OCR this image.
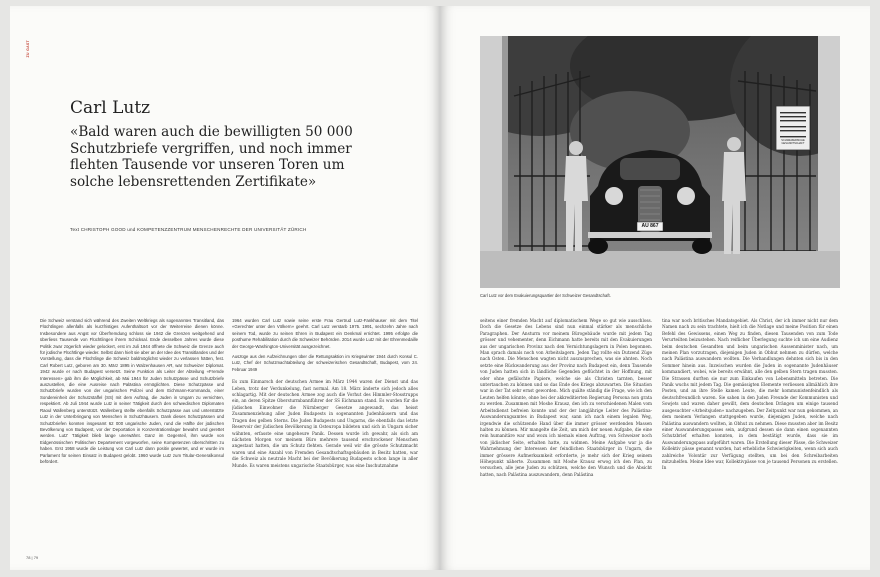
ZU GAST
Carl Lutz

«Bald waren auch die bewilligten 50 000 Schutzbriefe vergriffen, und noch immer flehten Tausende vor unseren Toren um solche lebensrettenden Zertifikate»

Text CHRISTOPH GOOD und KOMPETENZZENTRUM MENSCHENRECHTE DER UNIVERSITÄT ZÜRICH

Die Schweiz verstand sich während des Zweiten Weltkriegs als sogenanntes Transitland, das Flüchtlingen allenfalls als kurzfristiges Aufenthaltsort vor der Weiterreise dienen könne. Insbesondere aus Angst vor Überfremdung schloss sie 1942 die Grenzen weitgehend und überliess Tausende von Flüchtlingen ihrem Schicksal. Ende desselben Jahres wurde diese Politik zwar zögerlich wieder gelockert, erst im Juli 1944 öffnete die Schweiz die Grenze auch für jüdische Flüchtlinge wieder. Selbst dann hielt sie aber an der Idee des Transitlandes und der Vorstellung, dass die Flüchtlinge die Schweiz baldmöglichst wieder zu verlassen hätten, fest. Carl Robert Lutz, geboren am 30. März 1895 in Walzenhausen AR, war Schweizer Diplomat. 1942 wurde er nach Budapest versetzt. Seine Funktion als Leiter der Abteilung «Fremde Interessen» gab ihm die Möglichkeit, ab Mai 1944 für Juden Schutzpässe und Schutzbriefe auszustellen, die eine Ausreise nach Palästina ermöglichten. Diese Schutzpässe und Schutzbriefe wurden von der ungarischen Polizei und dem Eichmann-Kommando, einer Sondereinheit der Schutzstaffel (SS) mit dem Auftrag, die Juden in Ungarn zu vernichten, respektiert. Ab Juli 1944 wurde Lutz in seiner Tätigkeit durch den schwedischen Diplomaten Raoul Wallenberg unterstützt. Wallenberg stellte ebenfalls Schutzpässe aus und unterstützte Lutz in der Unterbringung von Menschen in Schutzhäusern. Dank dieses Schutzpässen und Schutzbriefen konnten insgesamt 62 000 ungarische Juden, rund die Hälfte der jüdischen Bevölkerung von Budapest, vor der Deportation in Konzentrationslager bewahrt und gerettet werden. Lutz' Tätigkeit blieb lange unerwähnt. Ganz im Gegenteil, ihm wurde von Eidgenössischen Politischen Departement vorgeworfen, seine Kompetenzen überschritten zu haben. Erst 1958 wurde die Leistung von Carl Lutz dann positiv gewertet, und er wurde im Parlament für seinen Einsatz in Budapest gelobt. 1960 wurde Lutz zum Titular-Generalkonsul befördert.

1964 wurden Carl Lutz sowie seine erste Frau Gertrud Lutz-Fankhauser mit dem Titel «Gerechter unter den Völkern» geehrt. Carl Lutz verstarb 1975. 1991, sechzehn Jahre nach seinem Tod, wurde zu seinen Ehren in Budapest ein Denkmal errichtet. 1995 erfolgte die posthume Rehabilitation durch die Schweizer Behörden. 2014 wurde Lutz mit der Ehrenmedaille der George-Washington-Universität ausgezeichnet.

Auszüge aus den Aufzeichnungen über die Rettungsaktion im Kriegswinter 1944 durch Konsul C. Lutz, Chef der Schutzmachtabteilung der schweizerischen Gesandtschaft, Budapest, vom 24. Februar 1949

Es zum Einmarsch der deutschen Armee im März 1944 waren der Dienst und das Leben, trotz der Verdunkelung, fast normal. Am 18. März änderte sich jedoch alles schlagartig. Mit der deutschen Armee zog auch die Vorhut des Himmler-Stosstrupps ein, an deren Spitze Obersturmbannführer der SS Eichmann stand. Es wurden für die jüdischen Einwohner die Nürnberger Gesetze angewandt, das heisst Zusammenziehung aller Juden Budapests in sogenannten Judenhäusern und das Tragen des gelben Sterns. Die Juden Budapests und Ungarns, die ebenfalls das letzte Reservoir der jüdischen Bevölkerung in Osteuropa bildeten und sich in Ungarn sicher wähnten, erfasste eine ungeheure Panik. Dessen wurde ich gewahr, als sich am nächsten Morgen vor meinem Büro mehrere tausend erschrockener Menschen angestaut hatten, die um Schutz flehten. Gerade weil wir die grösste Schutzmacht waren und eine Anzahl von Fremden Gesandtschaftsgebäuden in Besitz hatten, war die Schweiz als neutrale Macht bei der Bevölkerung Budapests schon lange in aller Munde. Es waren meistens ungarische Staatsbürger, was eine Inschutznahme

78 | 79
AU 867
SCHWEIZERISCHE GESANDTSCHAFT
Carl Lutz vor dem Evakuierungsquartier der Schweizer Gesandtschaft.

seitens einer fremden Macht auf diplomatischem Wege so gut wie ausschloss. Doch die Gesetze des Lebens sind nun einmal stärker als menschliche Paragraphen. Der Ansturm vor meinem Bürogebäude wurde mit jedem Tag grösser und vehementer, denn Eichmann hatte bereits mit den Evakuierungen aus der ungarischen Provinz nach den Vernichtungslagern in Polen begonnen. Man sprach damals noch von Arbeitslagern. Jeden Tag rollte ein Dutzend Züge nach Osten. Die Menschen wagten nicht auszusprechen, was sie ahnten. Noch setzte eine Rückwanderung aus der Provinz nach Budapest ein, denn Tausende von Juden hatten sich in ländliche Gegenden geflüchtet in der Hoffnung, mit oder ohne gefälschte Papiere, welche sie als Christen tarnten, besser untertauchen zu können und so das Ende des Kriegs abzuwarten. Die Situation war in der Tat sehr ernst geworden. Mich quälte ständig die Frage, wie ich den Leuten helfen könnte, ohne bei der akkreditierten Regierung Persona non grata zu werden. Zusammen mit Moshe Krausz, den ich zu verschiedenen Malen vom Arbeitsdienst befreien konnte und der der langjährige Leiter des Palästina-Auswanderungsamtes in Budapest war, sann ich nach einem legalen Weg, irgendwie die schützende Hand über die immer grösser werdenden Massen halten zu können. Mir mangelte die Zeit, um mich der neuen Aufgabe, die eine rein humanitäre war und wozu ich niemals einen Auftrag, von Schweizer noch von jüdischer Seite, erhalten hatte, zu widmen. Meine Aufgabe war ja die Wahrnehmung der Interessen der feindlichen Staatsbürger in Ungarn, die immer grössere Aufmerksamkeit erforderte, je mehr sich der Krieg seinem Höhepunkt näherte. Zusammen mit Moshe Krausz erwog ich den Plan, zu versuchen, alle jene Juden zu schützen, welche den Wunsch und die Absicht hatten, nach Palästina auszuwandern, denn Palästina

tina war noch britisches Mandatsgebiet. Als Christ, der ich immer nicht nur dem Namen nach zu sein trachtete, hielt ich die Notlage und meine Position für einen Befehl des Gewissens, einen Weg zu finden, diesen Tausenden von zum Tode Verurteilten beizustehen. Nach reiflicher Überlegung suchte ich um eine Audienz beim deutschen Gesandten und beim ungarischen Aussenminister nach, um meinen Plan vorzutragen, diejenigen Juden in Obhut nehmen zu dürfen, welche nach Palästina auswandern wollten. Die Verhandlungen dehnten sich bis in den Sommer hinein aus. Inzwischen wurden die Juden in sogenannte Judenhäuser kommandiert, wobei, wie bereits erwähnt, alle den gelben Stern tragen mussten. Die Strassen durften sie nur zum Einkaufen von Lebensmitteln betreten. Die Panik wuchs mit jedem Tag. Die gemässigten Elemente verliessen allmählich ihre Posten, und an ihre Stelle kamen Leute, die mehr kommunistenfeindlich als deutschfreundlich waren. Sie sahen in den Juden Freunde der Kommunisten und Sowjets und waren daher gewillt, dem deutschen Drängen um einige tausend ausgesuchter «Arbeitsjuden» nachzugeben. Der Zeitpunkt war nun gekommen, an dem meinem Verlangen stattgegeben wurde, diejenigen Juden, welche nach Palästina auswandern wollten, in Obhut zu nehmen. Diese mussten aber im Besitz einer Auswanderungspasses sein, aufgrund dessen sie dann einen sogenannten Schutzbrief erhalten konnten, in dem bestätigt wurde, dass sie im Auswanderungspass aufgeführt waren. Die Erstellung dieser Pässe, die Schweizer Kollektiv pässe genannt wurden, hat erhebliche Schwierigkeiten, wenn sich auch zahlreiche Volontär zur Verfügung stellten, um bei den Schreibarbeiten mitzuhelfen. Meine Idee war, Kollektivpässe von je tausend Personen zu erstellen. In
